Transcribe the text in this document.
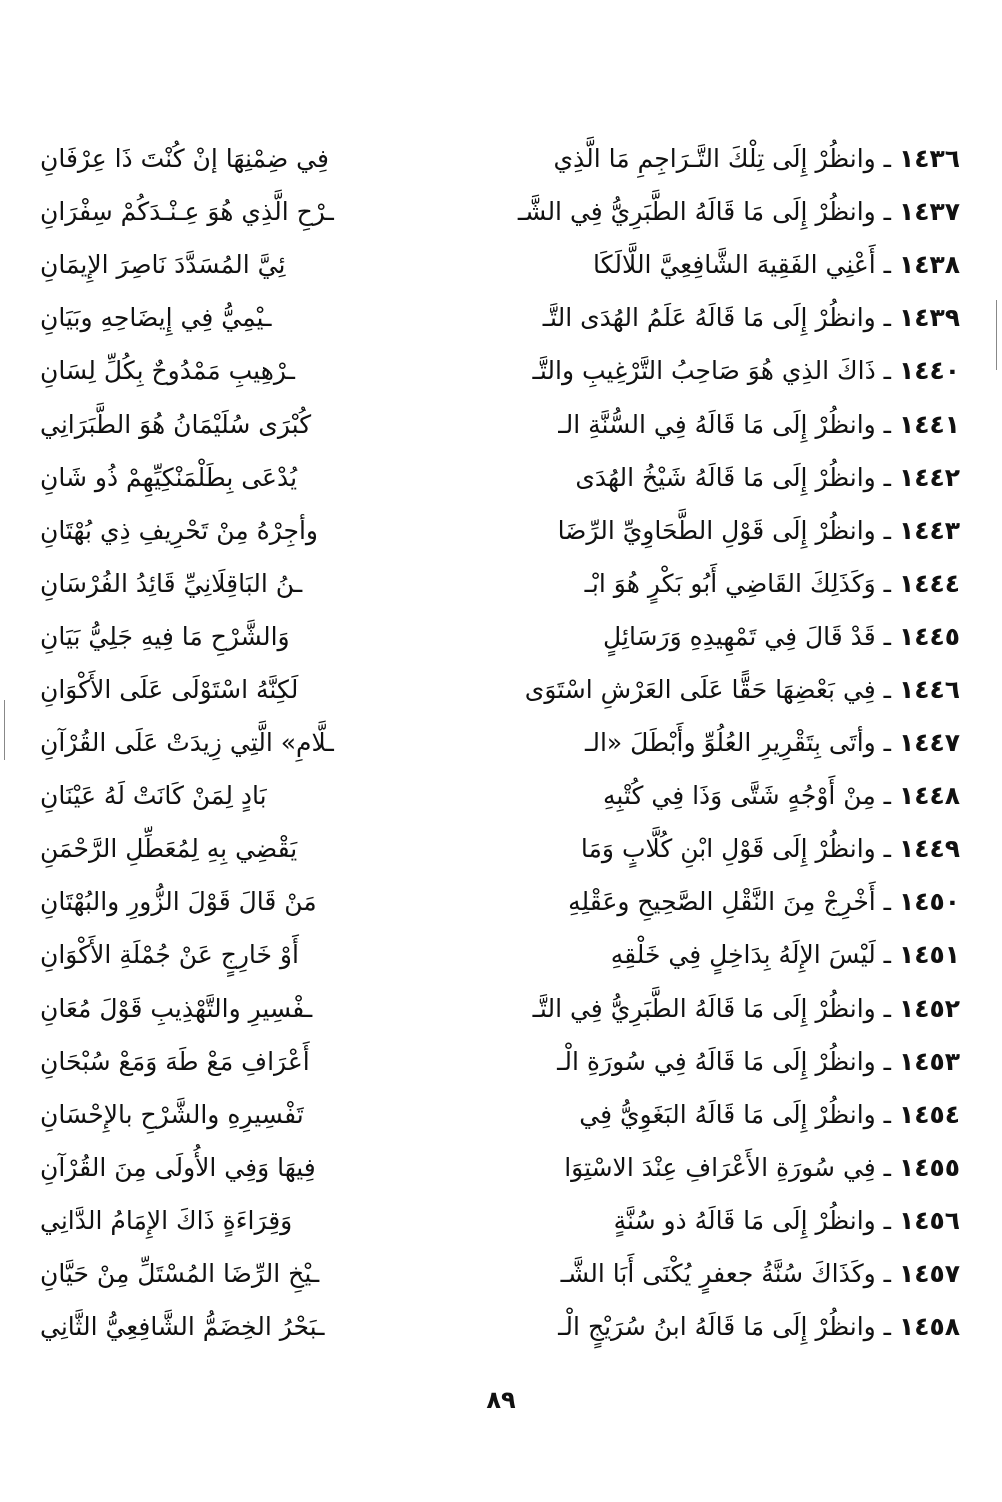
١٤٣٦ ـ وانظُرْ إِلَى تِلْكَ التَّـرَاجِمِ مَا الَّذِي
فِي ضِمْنِهَا إنْ كُنْتَ ذَا عِرْفَانِ
١٤٣٧ ـ وانظُرْ إِلَى مَا قَالَهُ الطَّبَرِيُّ فِي الشَّـ
ـرْحِ الَّذِي هُوَ عِـنْـدَكُمْ سِفْرَانِ
١٤٣٨ ـ أَعْنِي الفَقِيهَ الشَّافِعِيَّ اللَّالَكَا
ئِيَّ المُسَدَّدَ نَاصِرَ الإِيمَانِ
١٤٣٩ ـ وانظُرْ إِلَى مَا قَالَهُ عَلَمُ الهُدَى التَّـ
ـيْمِيُّ فِي إِيضَاحِهِ وبَيَانِ
١٤٤٠ ـ ذَاكَ الذِي هُوَ صَاحِبُ التَّرْغِيبِ والتَّـ
ـرْهِيبِ مَمْدُوحٌ بِكُلِّ لِسَانِ
١٤٤١ ـ وانظُرْ إِلَى مَا قَالَهُ فِي السُّنَّةِ الـ
كُبْرَى سُلَيْمَانُ هُوَ الطَّبَرَانِي
١٤٤٢ ـ وانظُرْ إِلَى مَا قَالَهُ شَيْخُ الهُدَى
يُدْعَى بِطَلْمَنْكِيِّهِمْ ذُو شَانِ
١٤٤٣ ـ وانظُرْ إِلَى قَوْلِ الطَّحَاوِيِّ الرِّضَا
وأجِرْهُ مِنْ تَحْرِيفِ ذِي بُهْتَانِ
١٤٤٤ ـ وَكَذَلِكَ القَاضِي أَبُو بَكْرٍ هُوَ ابْـ
ـنُ البَاقِلَانِيِّ قَائِدُ الفُرْسَانِ
١٤٤٥ ـ قَدْ قَالَ فِي تَمْهِيدِهِ وَرَسَائِلٍ
وَالشَّرْحِ مَا فِيهِ جَلِيُّ بَيَانِ
١٤٤٦ ـ فِي بَعْضِهَا حَقًّا عَلَى العَرْشِ اسْتَوَى
لَكِنَّهُ اسْتَوْلَى عَلَى الأَكْوَانِ
١٤٤٧ ـ وأتَى بِتَقْرِيرِ العُلُوِّ وأَبْطَلَ «الـ
ـلَّامِ» الَّتِي زِيدَتْ عَلَى القُرْآنِ
١٤٤٨ ـ مِنْ أَوْجُهٍ شَتَّى وَذَا فِي كُتْبِهِ
بَادٍ لِمَنْ كَانَتْ لَهُ عَيْنَانِ
١٤٤٩ ـ وانظُرْ إِلَى قَوْلِ ابْنِ كُلَّابٍ وَمَا
يَقْضِي بِهِ لِمُعَطِّلِ الرَّحْمَنِ
١٤٥٠ ـ أَخْرِجْ مِنَ النَّقْلِ الصَّحِيحِ وعَقْلِهِ
مَنْ قَالَ قَوْلَ الزُّورِ والبُهْتَانِ
١٤٥١ ـ لَيْسَ الإِلَهُ بِدَاخِلٍ فِي خَلْقِهِ
أَوْ خَارِجٍ عَنْ جُمْلَةِ الأَكْوَانِ
١٤٥٢ ـ وانظُرْ إِلَى مَا قَالَهُ الطَّبَرِيُّ فِي التَّـ
ـفْسِيرِ والتَّهْذِيبِ قَوْلَ مُعَانِ
١٤٥٣ ـ وانظُرْ إِلَى مَا قَالَهُ فِي سُورَةِ الْـ
أَعْرَافِ مَعْ طَهَ وَمَعْ سُبْحَانِ
١٤٥٤ ـ وانظُرْ إِلَى مَا قَالَهُ البَغَوِيُّ فِي
تَفْسِيرِهِ والشَّرْحِ بالإِحْسَانِ
١٤٥٥ ـ فِي سُورَةِ الأَعْرَافِ عِنْدَ الاسْتِوَا
فِيهَا وَفِي الأُولَى مِنَ القُرْآنِ
١٤٥٦ ـ وانظُرْ إِلَى مَا قَالَهُ ذو سُنَّةٍ
وَقِرَاءَةٍ ذَاكَ الإِمَامُ الدَّانِي
١٤٥٧ ـ وكَذَاكَ سُنَّةُ جعفرٍ يُكْنَى أَبَا الشَّـ
ـيْخِ الرِّضَا المُسْتَلِّ مِنْ حَيَّانِ
١٤٥٨ ـ وانظُرْ إِلَى مَا قَالَهُ ابنُ سُرَيْجٍ الْـ
ـبَحْرُ الخِضَمُّ الشَّافِعِيُّ الثَّانِي
٨٩
